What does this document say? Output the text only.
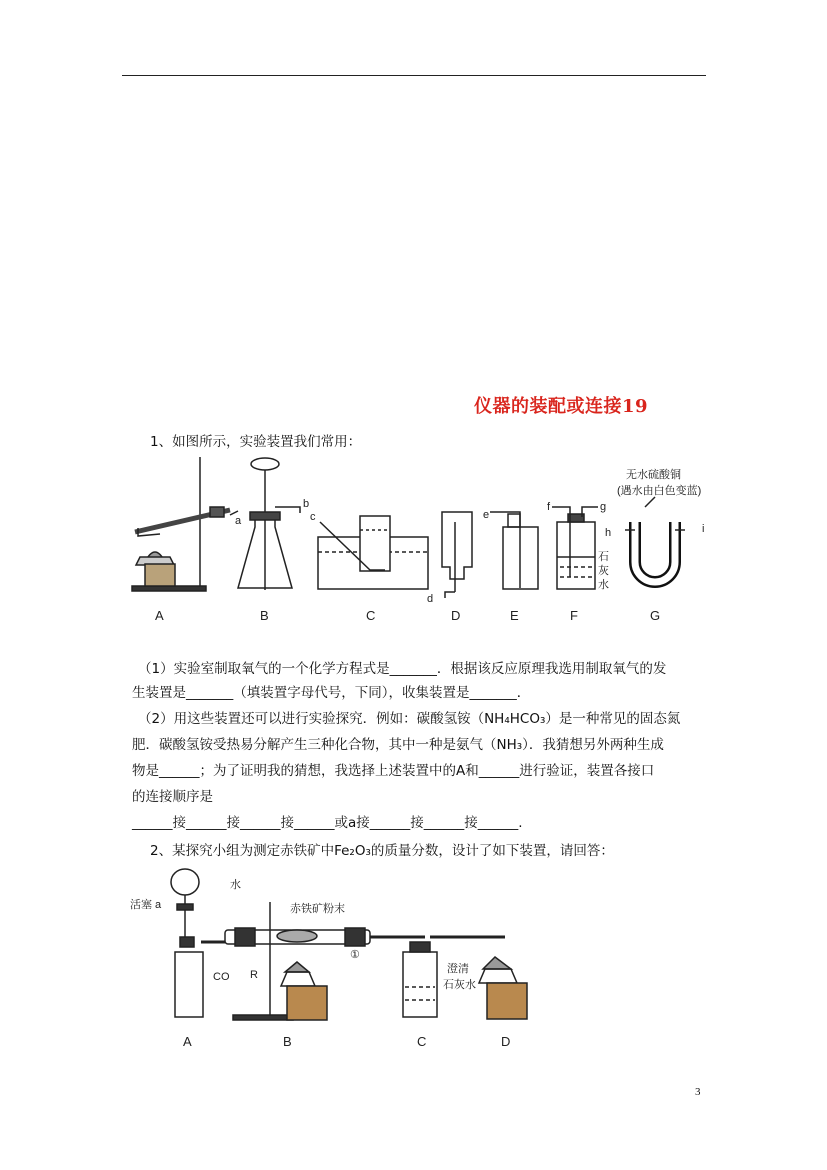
仪器的装配或连接19
1、如图所示，实验装置我们常用：
a
b
c
d
e
f	g
h	i
石
灰
水
无水硫酸铜
(遇水由白色变蓝)
A	B	C	D	E	F	G
（1）实验室制取氧气的一个化学方程式是_______．根据该反应原理我选用制取氧气的发
生装置是_______（填装置字母代号，下同），收集装置是_______．
（2）用这些装置还可以进行实验探究．例如：碳酸氢铵（NH₄HCO₃）是一种常见的固态氮
肥．碳酸氢铵受热易分解产生三种化合物，其中一种是氨气（NH₃）．我猜想另外两种生成
物是______；为了证明我的猜想，我选择上述装置中的A和______进行验证，装置各接口
的连接顺序是
______接______接______接______或a接______接______接______.
2、某探究小组为测定赤铁矿中Fe₂O₃的质量分数，设计了如下装置，请回答：
水
活塞 a	赤铁矿粉末
CO R
①
澄清
石灰水
A	B	C	D
3
